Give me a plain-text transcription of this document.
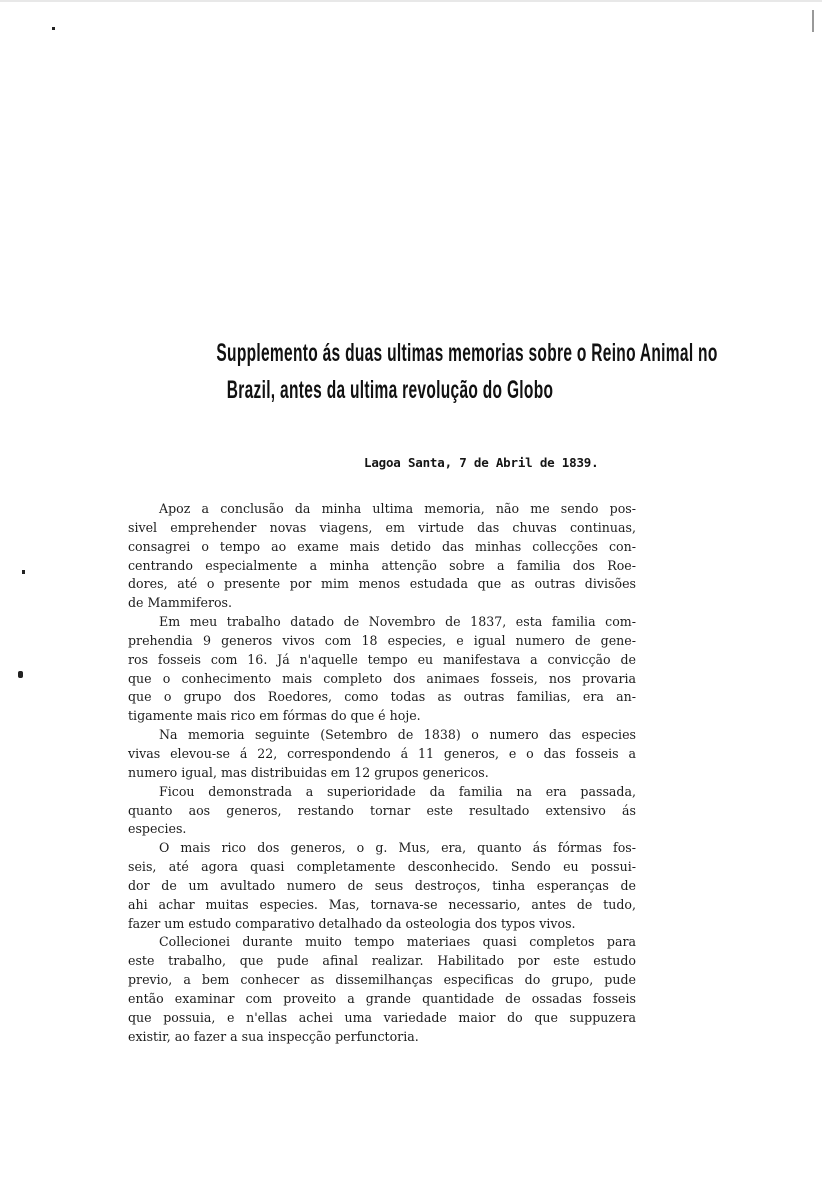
Supplemento ás duas ultimas memorias sobre o Reino Animal no
Brazil, antes da ultima revolução do Globo
Lagoa Santa, 7 de Abril de 1839.
Apoz a conclusão da minha ultima memoria, não me sendo pos-
sivel emprehender novas viagens, em virtude das chuvas continuas,
consagrei o tempo ao exame mais detido das minhas collecções con-
centrando especialmente a minha attenção sobre a familia dos Roe-
dores, até o presente por mim menos estudada que as outras divisões
de Mammiferos.
Em meu trabalho datado de Novembro de 1837, esta familia com-
prehendia 9 generos vivos com 18 especies, e igual numero de gene-
ros fosseis com 16. Já n'aquelle tempo eu manifestava a convicção de
que o conhecimento mais completo dos animaes fosseis, nos provaria
que o grupo dos Roedores, como todas as outras familias, era an-
tigamente mais rico em fórmas do que é hoje.
Na memoria seguinte (Setembro de 1838) o numero das especies
vivas elevou-se á 22, correspondendo á 11 generos, e o das fosseis a
numero igual, mas distribuidas em 12 grupos genericos.
Ficou demonstrada a superioridade da familia na era passada,
quanto aos generos, restando tornar este resultado extensivo ás
especies.
O mais rico dos generos, o g. Mus, era, quanto ás fórmas fos-
seis, até agora quasi completamente desconhecido. Sendo eu possui-
dor de um avultado numero de seus destroços, tinha esperanças de
ahi achar muitas especies. Mas, tornava-se necessario, antes de tudo,
fazer um estudo comparativo detalhado da osteologia dos typos vivos.
Collecionei durante muito tempo materiaes quasi completos para
este trabalho, que pude afinal realizar. Habilitado por este estudo
previo, a bem conhecer as dissemilhanças especificas do grupo, pude
então examinar com proveito a grande quantidade de ossadas fosseis
que possuia, e n'ellas achei uma variedade maior do que suppuzera
existir, ao fazer a sua inspecção perfunctoria.
